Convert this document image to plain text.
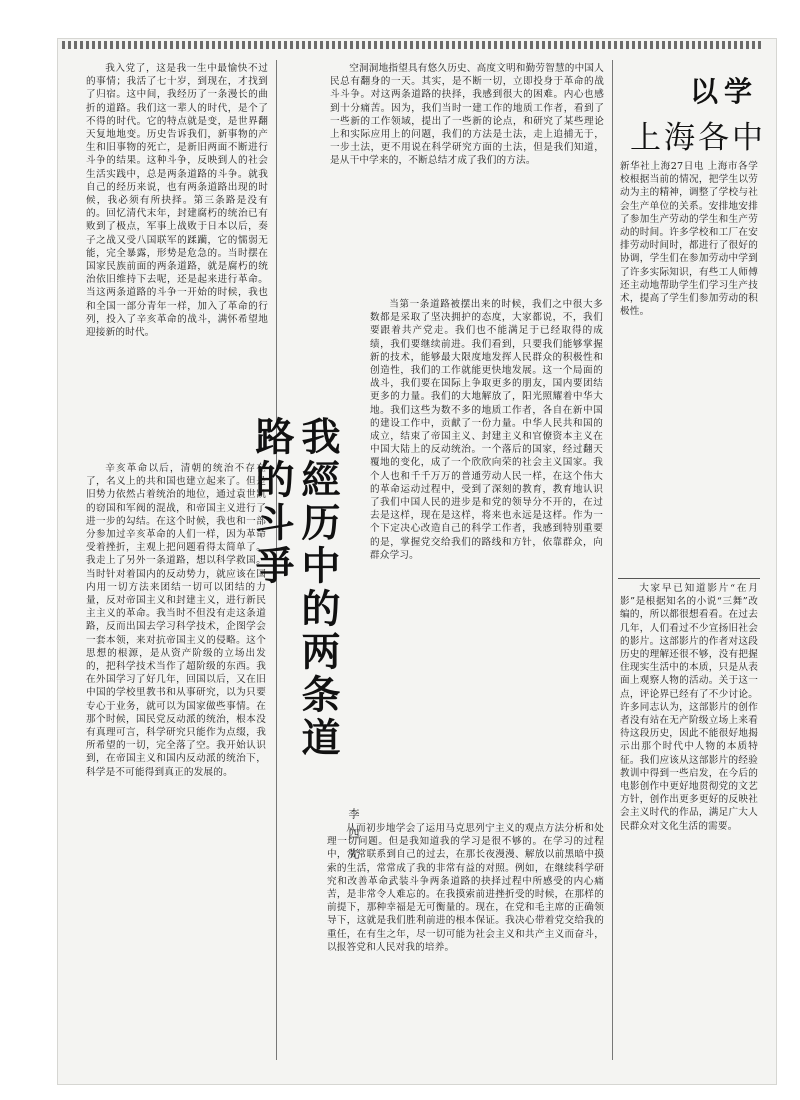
我入党了，这是我一生中最愉快不过的事情；我活了七十岁，到现在，才找到了归宿。这中间，我经历了一条漫长的曲折的道路。我们这一辈人的时代，是个了不得的时代。它的特点就是变，是世界翻天复地地变。历史告诉我们，新事物的产生和旧事物的死亡，是新旧两面不断进行斗争的结果。这种斗争，反映到人的社会生活实践中，总是两条道路的斗争。就我自己的经历来说，也有两条道路出现的时候，我必须有所抉择。第三条路是没有的。回忆清代末年，封建腐朽的统治已有败到了极点，军事上战败于日本以后，奏子之战又受八国联军的蹂躏，它的懦弱无能，完全暴露，形势是危急的。当时摆在国家民族前面的两条道路，就是腐朽的统治依旧维持下去呢，还是起来进行革命。当这两条道路的斗争一开始的时候，我也和全国一部分青年一样，加入了革命的行列，投入了辛亥革命的战斗，满怀希望地迎接新的时代。
辛亥革命以后，清朝的统治不存在了，名义上的共和国也建立起来了。但是旧势力依然占着统治的地位，通过袁世凯的窃国和军阀的混战，和帝国主义进行了进一步的勾结。在这个时候，我也和一部分参加过辛亥革命的人们一样，因为革命受着挫折，主观上把问题看得太简单了。我走上了另外一条道路，想以科学救国。当时针对着国内的反动势力，就应该在国内用一切方法来团结一切可以团结的力量，反对帝国主义和封建主义，进行新民主主义的革命。我当时不但没有走这条道路，反而出国去学习科学技术，企图学会一套本领，来对抗帝国主义的侵略。这个思想的根源，是从资产阶级的立场出发的，把科学技术当作了超阶级的东西。我在外国学习了好几年，回国以后，又在旧中国的学校里教书和从事研究，以为只要专心于业务，就可以为国家做些事情。在那个时候，国民党反动派的统治，根本没有真理可言，科学研究只能作为点缀，我所希望的一切，完全落了空。我开始认识到，在帝国主义和国内反动派的统治下，科学是不可能得到真正的发展的。
空洞洞地指望具有悠久历史、高度文明和勤劳智慧的中国人民总有翻身的一天。其实，是不断一切，立即投身于革命的战斗斗争。对这两条道路的抉择，我感到很大的困难。内心也感到十分痛苦。因为，我们当时一建工作的地质工作者，看到了一些新的工作领域，提出了一些新的论点，和研究了某些理论上和实际应用上的问题，我们的方法是土法，走上追捕无于，一步土法，更不用说在科学研究方面的土法，但是我们知道，是从干中学来的，不断总结才成了我们的方法。
我經历中的两条道路的斗爭
李四光
当第一条道路被摆出来的时候，我们之中很大多数都是采取了坚决拥护的态度，大家都说，不，我们要跟着共产党走。我们也不能满足于已经取得的成绩，我们要继续前进。我们看到，只要我们能够掌握新的技术，能够最大限度地发挥人民群众的积极性和创造性，我们的工作就能更快地发展。这一个局面的战斗，我们要在国际上争取更多的朋友，国内要团结更多的力量。我们的大地解放了，阳光照耀着中华大地。我们这些为数不多的地质工作者，各自在新中国的建设工作中，贡献了一份力量。中华人民共和国的成立，结束了帝国主义、封建主义和官僚资本主义在中国大陆上的反动统治。一个落后的国家，经过翻天覆地的变化，成了一个欣欣向荣的社会主义国家。我个人也和千千万万的普通劳动人民一样，在这个伟大的革命运动过程中，受到了深刻的教育，教育地认识了我们中国人民的进步是和党的领导分不开的，在过去是这样，现在是这样，将来也永远是这样。作为一个下定决心改造自己的科学工作者，我感到特别重要的是，掌握党交给我们的路线和方针，依靠群众，向群众学习。
从而初步地学会了运用马克思列宁主义的观点方法分析和处理一切问题。但是我知道我的学习是很不够的。在学习的过程中，常常联系到自己的过去，在那长夜漫漫、解放以前黑暗中摸索的生活，常常成了我的非常有益的对照。例如，在继续科学研究和改善革命武装斗争两条道路的抉择过程中所感受的内心痛苦，是非常令人难忘的。在我摸索前进挫折受的时候，在那样的前提下，那种幸福是无可衡量的。现在，在党和毛主席的正确领导下，这就是我们胜利前进的根本保证。我决心带着党交给我的重任，在有生之年，尽一切可能为社会主义和共产主义而奋斗，以报答党和人民对我的培养。
以学
上海各中
新华社上海27日电 上海市各学校根据当前的情况，把学生以劳动为主的精神，调整了学校与社会生产单位的关系。安排地安排了参加生产劳动的学生和生产劳动的时间。许多学校和工厂在安排劳动时间时，都进行了很好的协调，学生们在参加劳动中学到了许多实际知识，有些工人师傅还主动地帮助学生们学习生产技术，提高了学生们参加劳动的积极性。
大家早已知道影片“在月影”是根据知名的小说“三舞”改编的，所以都很想看看。在过去几年，人们看过不少宣扬旧社会的影片。这部影片的作者对这段历史的理解还很不够，没有把握住现实生活中的本质，只是从表面上观察人物的活动。关于这一点，评论界已经有了不少讨论。许多同志认为，这部影片的创作者没有站在无产阶级立场上来看待这段历史，因此不能很好地揭示出那个时代中人物的本质特征。我们应该从这部影片的经验教训中得到一些启发，在今后的电影创作中更好地贯彻党的文艺方针，创作出更多更好的反映社会主义时代的作品，满足广大人民群众对文化生活的需要。
